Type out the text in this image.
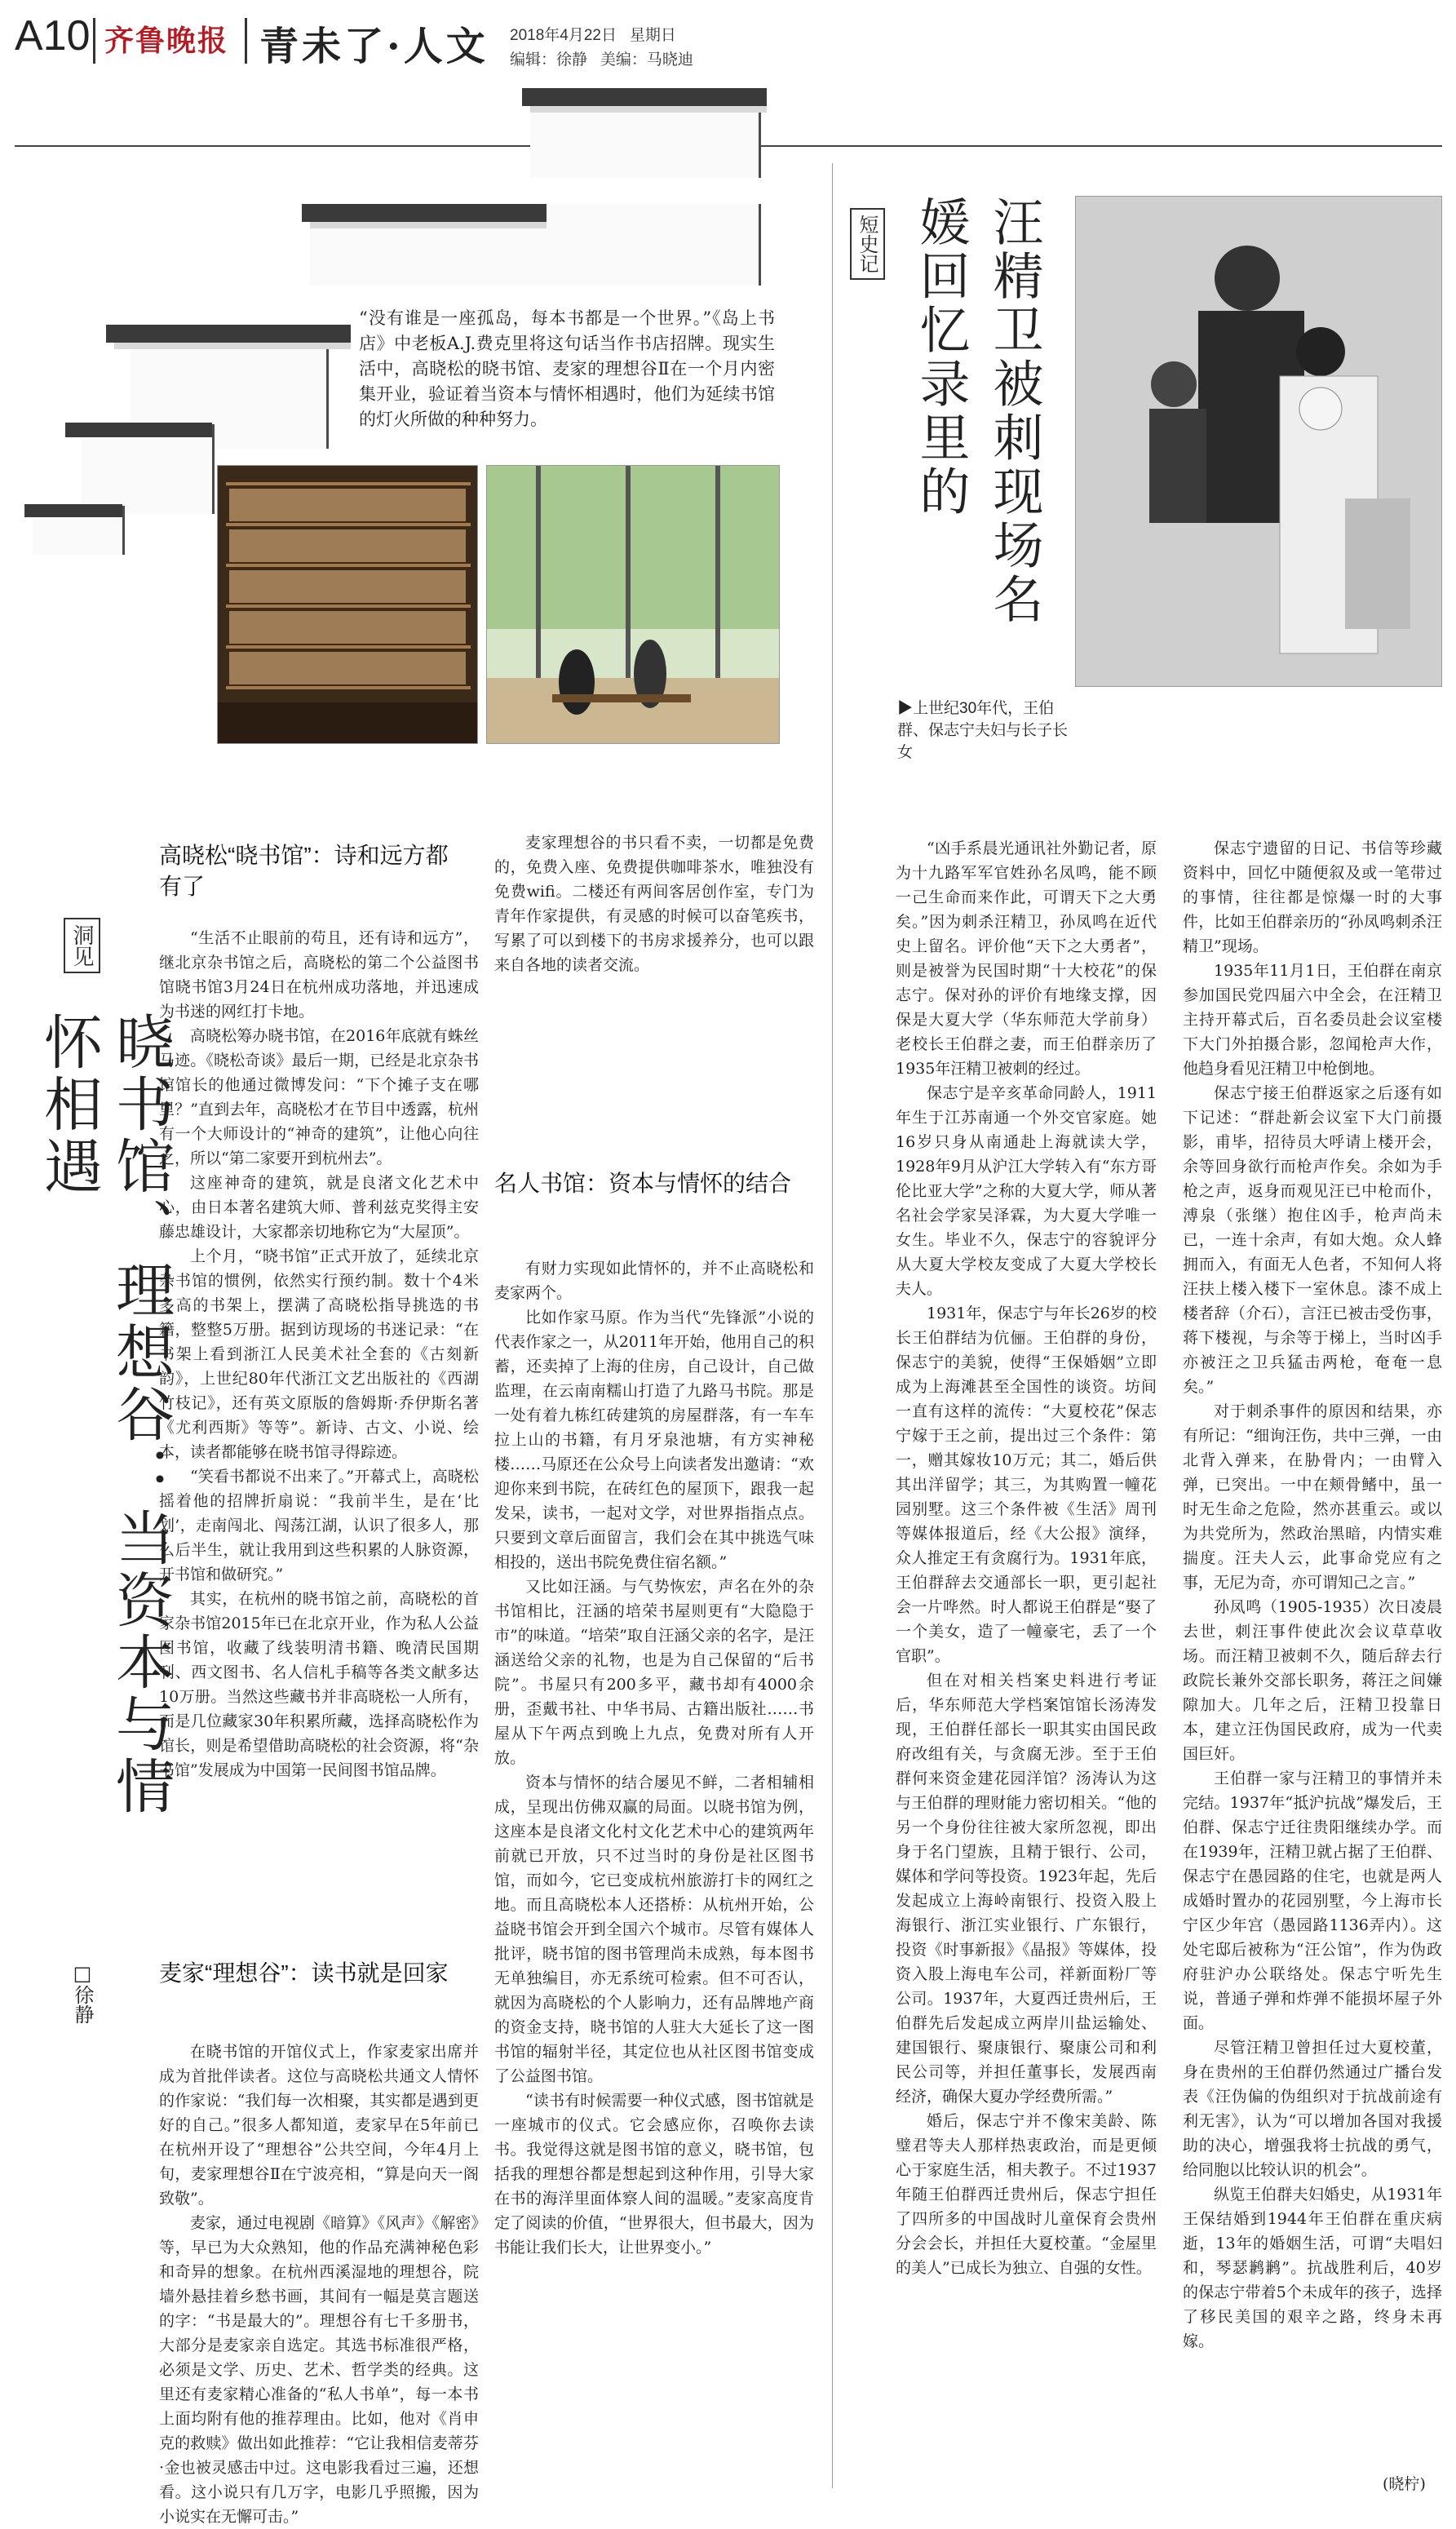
A10 齐鲁晚报 青未了·人文 2018年4月22日 星期日
编辑：徐静 美编：马晓迪
“没有谁是一座孤岛，每本书都是一个世界。”《岛上书店》中老板A.J.费克里将这句话当作书店招牌。现实生活中，高晓松的晓书馆、麦家的理想谷Ⅱ在一个月内密集开业，验证着当资本与情怀相遇时，他们为延续书馆的灯火所做的种种努力。
洞见
晓书馆、理想谷：当资本与情怀相遇
□徐静
高晓松“晓书馆”：诗和远方都有了

“生活不止眼前的苟且，还有诗和远方”，继北京杂书馆之后，高晓松的第二个公益图书馆晓书馆3月24日在杭州成功落地，并迅速成为书迷的网红打卡地。

高晓松筹办晓书馆，在2016年底就有蛛丝马迹。《晓松奇谈》最后一期，已经是北京杂书馆馆长的他通过微博发问：“下个摊子支在哪里？”直到去年，高晓松才在节目中透露，杭州有一个大师设计的“神奇的建筑”，让他心向往之，所以“第二家要开到杭州去”。

这座神奇的建筑，就是良渚文化艺术中心，由日本著名建筑大师、普利兹克奖得主安藤忠雄设计，大家都亲切地称它为“大屋顶”。

上个月，“晓书馆”正式开放了，延续北京杂书馆的惯例，依然实行预约制。数十个4米多高的书架上，摆满了高晓松指导挑选的书籍，整整5万册。据到访现场的书迷记录：“在书架上看到浙江人民美术社全套的《古刻新韵》，上世纪80年代浙江文艺出版社的《西湖竹枝记》，还有英文原版的詹姆斯·乔伊斯名著《尤利西斯》等等”。新诗、古文、小说、绘本，读者都能够在晓书馆寻得踪迹。

“笑看书都说不出来了。”开幕式上，高晓松摇着他的招牌折扇说：“我前半生，是在‘比划’，走南闯北、闯荡江湖，认识了很多人，那么后半生，就让我用到这些积累的人脉资源，开书馆和做研究。”

其实，在杭州的晓书馆之前，高晓松的首家杂书馆2015年已在北京开业，作为私人公益图书馆，收藏了线装明清书籍、晚清民国期刊、西文图书、名人信札手稿等各类文献多达10万册。当然这些藏书并非高晓松一人所有，而是几位藏家30年积累所藏，选择高晓松作为馆长，则是希望借助高晓松的社会资源，将“杂书馆”发展成为中国第一民间图书馆品牌。

麦家“理想谷”：读书就是回家

在晓书馆的开馆仪式上，作家麦家出席并成为首批伴读者。这位与高晓松共通文人情怀的作家说：“我们每一次相聚，其实都是遇到更好的自己。”很多人都知道，麦家早在5年前已在杭州开设了“理想谷”公共空间，今年4月上旬，麦家理想谷Ⅱ在宁波亮相，“算是向天一阁致敬”。

麦家，通过电视剧《暗算》《风声》《解密》等，早已为大众熟知，他的作品充满神秘色彩和奇异的想象。在杭州西溪湿地的理想谷，院墙外悬挂着乡愁书画，其间有一幅是莫言题送的字：“书是最大的”。理想谷有七千多册书，大部分是麦家亲自选定。其选书标准很严格，必须是文学、历史、艺术、哲学类的经典。这里还有麦家精心准备的“私人书单”，每一本书上面均附有他的推荐理由。比如，他对《肖申克的救赎》做出如此推荐：“它让我相信麦蒂芬·金也被灵感击中过。这电影我看过三遍，还想看。这小说只有几万字，电影几乎照搬，因为小说实在无懈可击。”

麦家理想谷的书只看不卖，一切都是免费的，免费入座、免费提供咖啡茶水，唯独没有免费wifi。二楼还有两间客居创作室，专门为青年作家提供，有灵感的时候可以奋笔疾书，写累了可以到楼下的书房求援养分，也可以跟来自各地的读者交流。

名人书馆：资本与情怀的结合

有财力实现如此情怀的，并不止高晓松和麦家两个。

比如作家马原。作为当代“先锋派”小说的代表作家之一，从2011年开始，他用自己的积蓄，还卖掉了上海的住房，自己设计，自己做监理，在云南南糯山打造了九路马书院。那是一处有着九栋红砖建筑的房屋群落，有一车车拉上山的书籍，有月牙泉池塘，有方实神秘楼……马原还在公众号上向读者发出邀请：“欢迎你来到书院，在砖红色的屋顶下，跟我一起发呆，读书，一起对文学，对世界指指点点。只要到文章后面留言，我们会在其中挑选气味相投的，送出书院免费住宿名额。”

又比如汪涵。与气势恢宏，声名在外的杂书馆相比，汪涵的培荣书屋则更有“大隐隐于市”的味道。“培荣”取自汪涵父亲的名字，是汪涵送给父亲的礼物，也是为自己保留的“后书院”。书屋只有200多平，藏书却有4000余册，歪戴书社、中华书局、古籍出版社……书屋从下午两点到晚上九点，免费对所有人开放。

资本与情怀的结合屡见不鲜，二者相辅相成，呈现出仿佛双赢的局面。以晓书馆为例，这座本是良渚文化村文化艺术中心的建筑两年前就已开放，只不过当时的身份是社区图书馆，而如今，它已变成杭州旅游打卡的网红之地。而且高晓松本人还搭桥：从杭州开始，公益晓书馆会开到全国六个城市。尽管有媒体人批评，晓书馆的图书管理尚未成熟，每本图书无单独编目，亦无系统可检索。但不可否认，就因为高晓松的个人影响力，还有品牌地产商的资金支持，晓书馆的人驻大大延长了这一图书馆的辐射半径，其定位也从社区图书馆变成了公益图书馆。

“读书有时候需要一种仪式感，图书馆就是一座城市的仪式。它会感应你，召唤你去读书。我觉得这就是图书馆的意义，晓书馆，包括我的理想谷都是想起到这种作用，引导大家在书的海洋里面体察人间的温暖。”麦家高度肯定了阅读的价值，“世界很大，但书最大，因为书能让我们长大，让世界变小。”

短史记	汪精卫被刺现场名媛回忆录里的
▶上世纪30年代，王伯群、保志宁夫妇与长子长女

“凶手系晨光通讯社外勤记者，原为十九路军军官姓孙名凤鸣，能不顾一己生命而来作此，可谓天下之大勇矣。”因为刺杀汪精卫，孙凤鸣在近代史上留名。评价他“天下之大勇者”，则是被誉为民国时期“十大校花”的保志宁。保对孙的评价有地缘支撑，因保是大夏大学（华东师范大学前身）老校长王伯群之妻，而王伯群亲历了1935年汪精卫被刺的经过。

保志宁是辛亥革命同龄人，1911年生于江苏南通一个外交官家庭。她16岁只身从南通赴上海就读大学，1928年9月从沪江大学转入有“东方哥伦比亚大学”之称的大夏大学，师从著名社会学家吴泽霖，为大夏大学唯一女生。毕业不久，保志宁的容貌评分从大夏大学校友变成了大夏大学校长夫人。

1931年，保志宁与年长26岁的校长王伯群结为伉俪。王伯群的身份，保志宁的美貌，使得“王保婚姻”立即成为上海滩甚至全国性的谈资。坊间一直有这样的流传：“大夏校花”保志宁嫁于王之前，提出过三个条件：第一，赠其嫁妆10万元；其二，婚后供其出洋留学；其三，为其购置一幢花园别墅。这三个条件被《生活》周刊等媒体报道后，经《大公报》演绎，众人推定王有贪腐行为。1931年底，王伯群辞去交通部长一职，更引起社会一片哗然。时人都说王伯群是“娶了一个美女，造了一幢豪宅，丢了一个官职”。

但在对相关档案史料进行考证后，华东师范大学档案馆馆长汤涛发现，王伯群任部长一职其实由国民政府改组有关，与贪腐无涉。至于王伯群何来资金建花园洋馆？汤涛认为这与王伯群的理财能力密切相关。“他的另一个身份往往被大家所忽视，即出身于名门望族，且精于银行、公司，媒体和学问等投资。1923年起，先后发起成立上海岭南银行、投资入股上海银行、浙江实业银行、广东银行，投资《时事新报》《晶报》等媒体，投资入股上海电车公司，祥新面粉厂等公司。1937年，大夏西迁贵州后，王伯群先后发起成立两岸川盐运输处、建国银行、聚康银行、聚康公司和利民公司等，并担任董事长，发展西南经济，确保大夏办学经费所需。”

婚后，保志宁并不像宋美龄、陈璧君等夫人那样热衷政治，而是更倾心于家庭生活，相夫教子。不过1937年随王伯群西迁贵州后，保志宁担任了四所多的中国战时儿童保育会贵州分会会长，并担任大夏校董。“金屋里的美人”已成长为独立、自强的女性。

保志宁遗留的日记、书信等珍藏资料中，回忆中随便叙及或一笔带过的事情，往往都是惊爆一时的大事件，比如王伯群亲历的“孙凤鸣刺杀汪精卫”现场。

1935年11月1日，王伯群在南京参加国民党四届六中全会，在汪精卫主持开幕式后，百名委员赴会议室楼下大门外拍摄合影，忽闻枪声大作，他趋身看见汪精卫中枪倒地。

保志宁接王伯群返家之后逐有如下记述：“群赴新会议室下大门前摄影，甫毕，招待员大呼请上楼开会，余等回身欲行而枪声作矣。余如为手枪之声，返身而观见汪已中枪而仆，溥泉（张继）抱住凶手，枪声尚未已，一连十余声，有如大炮。众人蜂拥而入，有面无人色者，不知何人将汪扶上楼入楼下一室休息。漆不成上楼者辞（介石），言汪已被击受伤事，蒋下楼视，与余等于梯上，当时凶手亦被汪之卫兵猛击两枪，奄奄一息矣。”

对于刺杀事件的原因和结果，亦有所记：“细询汪伤，共中三弹，一由北背入弹来，在胁骨内；一由臂入弹，已突出。一中在颊骨鳍中，虽一时无生命之危险，然亦甚重云。或以为共党所为，然政治黑暗，内情实难揣度。汪夫人云，此事命党应有之事，无尼为奇，亦可谓知己之言。”

孙凤鸣（1905-1935）次日凌晨去世，刺汪事件使此次会议草草收场。而汪精卫被刺不久，随后辞去行政院长兼外交部长职务，蒋汪之间嫌隙加大。几年之后，汪精卫投靠日本，建立汪伪国民政府，成为一代卖国巨奸。

王伯群一家与汪精卫的事情并未完结。1937年“抵沪抗战”爆发后，王伯群、保志宁迁往贵阳继续办学。而在1939年，汪精卫就占据了王伯群、保志宁在愚园路的住宅，也就是两人成婚时置办的花园别墅，今上海市长宁区少年宫（愚园路1136弄内）。这处宅邸后被称为“汪公馆”，作为伪政府驻沪办公联络处。保志宁听先生说，普通子弹和炸弹不能损坏屋子外面。

尽管汪精卫曾担任过大夏校董，身在贵州的王伯群仍然通过广播台发表《汪伪偏的伪组织对于抗战前途有利无害》，认为“可以增加各国对我援助的决心，增强我将士抗战的勇气，给同胞以比较认识的机会”。

纵览王伯群夫妇婚史，从1931年王保结婚到1944年王伯群在重庆病逝，13年的婚姻生活，可谓“夫唱妇和，琴瑟鹣鹣”。抗战胜利后，40岁的保志宁带着5个未成年的孩子，选择了移民美国的艰辛之路，终身未再嫁。

(晓柠)
